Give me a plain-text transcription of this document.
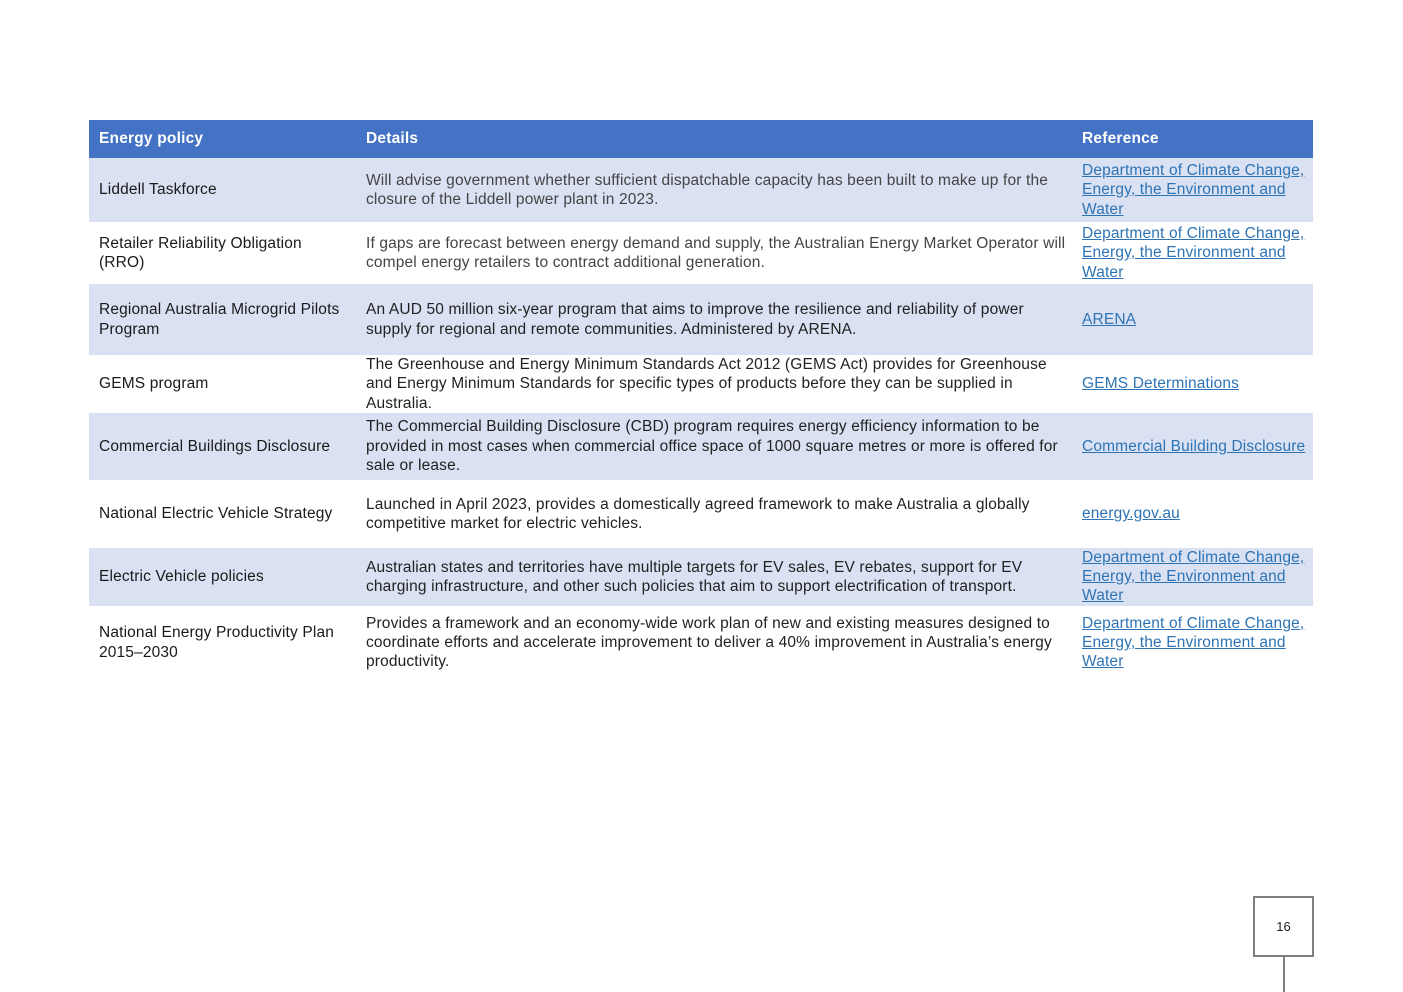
Energy policy	Details	Reference
Liddell Taskforce	Will advise government whether sufficient dispatchable capacity has been built to make up for the closure of the Liddell power plant in 2023.	Department of Climate Change, Energy, the Environment and Water
Retailer Reliability Obligation (RRO)	If gaps are forecast between energy demand and supply, the Australian Energy Market Operator will compel energy retailers to contract additional generation.	Department of Climate Change, Energy, the Environment and Water
Regional Australia Microgrid Pilots Program	An AUD 50 million six-year program that aims to improve the resilience and reliability of power supply for regional and remote communities. Administered by ARENA.	ARENA
GEMS program	The Greenhouse and Energy Minimum Standards Act 2012 (GEMS Act) provides for Greenhouse and Energy Minimum Standards for specific types of products before they can be supplied in Australia.	GEMS Determinations
Commercial Buildings Disclosure	The Commercial Building Disclosure (CBD) program requires energy efficiency information to be provided in most cases when commercial office space of 1000 square metres or more is offered for sale or lease.	Commercial Building Disclosure
National Electric Vehicle Strategy	Launched in April 2023, provides a domestically agreed framework to make Australia a globally competitive market for electric vehicles.	energy.gov.au
Electric Vehicle policies	Australian states and territories have multiple targets for EV sales, EV rebates, support for EV charging infrastructure, and other such policies that aim to support electrification of transport.	Department of Climate Change, Energy, the Environment and Water
National Energy Productivity Plan 2015–2030	Provides a framework and an economy-wide work plan of new and existing measures designed to coordinate efforts and accelerate improvement to deliver a 40% improvement in Australia’s energy productivity.	Department of Climate Change, Energy, the Environment and Water
16
